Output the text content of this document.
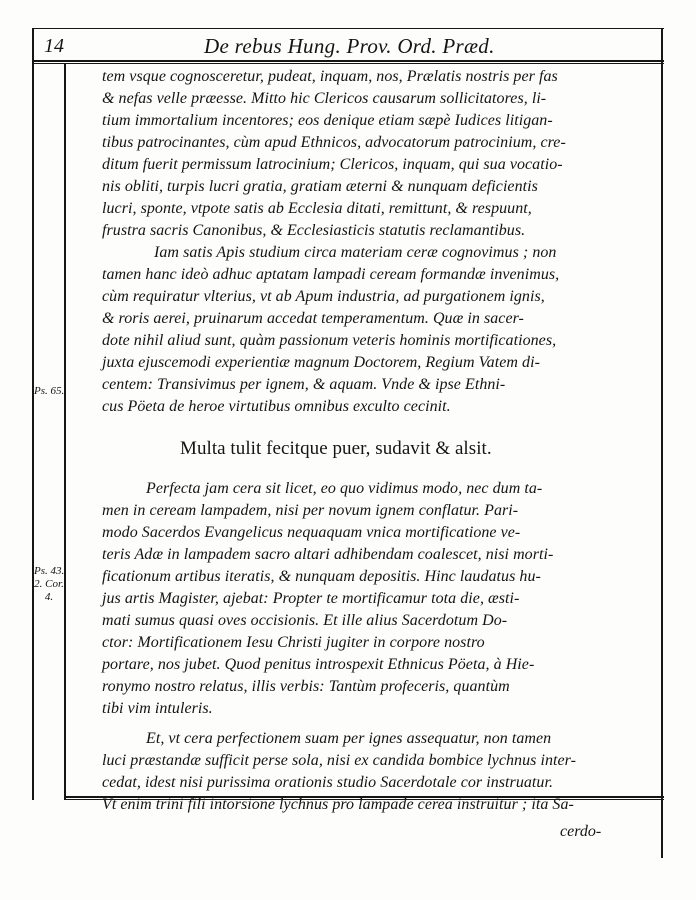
14	De rebus Hung. Prov. Ord. Præd.
Ps. 65.
Ps. 43.
2. Cor.
4.
tem vsque cognosceretur, pudeat, inquam, nos, Prælatis nostris per fas
& nefas velle præesse. Mitto hic Clericos causarum sollicitatores, li-
tium immortalium incentores; eos denique etiam sæpè Iudices litigan-
tibus patrocinantes, cùm apud Ethnicos, advocatorum patrocinium, cre-
ditum fuerit permissum latrocinium; Clericos, inquam, qui sua vocatio-
nis obliti, turpis lucri gratia, gratiam æterni & nunquam deficientis
lucri, sponte, vtpote satis ab Ecclesia ditati, remittunt, & respuunt,
frustra sacris Canonibus, & Ecclesiasticis statutis reclamantibus.
Iam satis Apis studium circa materiam ceræ cognovimus ; non
tamen hanc ideò adhuc aptatam lampadi ceream formandæ invenimus,
cùm requiratur vlterius, vt ab Apum industria, ad purgationem ignis,
& roris aerei, pruinarum accedat temperamentum. Quæ in sacer-
dote nihil aliud sunt, quàm passionum veteris hominis mortificationes,
juxta ejuscemodi experientiæ magnum Doctorem, Regium Vatem di-
centem: Transivimus per ignem, & aquam. Vnde & ipse Ethni-
cus Pöeta de heroe virtutibus omnibus exculto cecinit.
Multa tulit fecitque puer, sudavit & alsit.
Perfecta jam cera sit licet, eo quo vidimus modo, nec dum ta-
men in ceream lampadem, nisi per novum ignem conflatur. Pari-
modo Sacerdos Evangelicus nequaquam vnica mortificatione ve-
teris Adæ in lampadem sacro altari adhibendam coalescet, nisi morti-
ficationum artibus iteratis, & nunquam depositis. Hinc laudatus hu-
jus artis Magister, ajebat: Propter te mortificamur tota die, æsti-
mati sumus quasi oves occisionis. Et ille alius Sacerdotum Do-
ctor: Mortificationem Iesu Christi jugiter in corpore nostro
portare, nos jubet. Quod penitus introspexit Ethnicus Pöeta, à Hie-
ronymo nostro relatus, illis verbis: Tantùm profeceris, quantùm
tibi vim intuleris.
Et, vt cera perfectionem suam per ignes assequatur, non tamen
luci præstandæ sufficit perse sola, nisi ex candida bombice lychnus inter-
cedat, idest nisi purissima orationis studio Sacerdotale cor instruatur.
Vt enim trini fili intorsione lychnus pro lampade cerea instruitur ; ita Sa-
cerdo-
